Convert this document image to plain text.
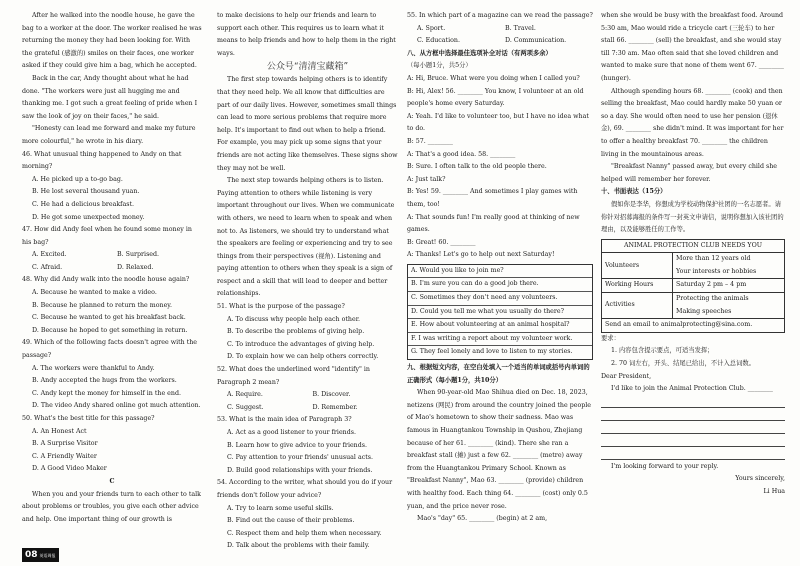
After he walked into the noodle house, he gave the bag to a worker at the door. The worker realised he was returning the money they had been looking for. With the grateful (感激的) smiles on their faces, one worker asked if they could give him a bag, which he accepted.

Back in the car, Andy thought about what he had done. "The workers were just all hugging me and thanking me. I got such a great feeling of pride when I saw the look of joy on their faces," he said.

"Honesty can lead me forward and make my future more colourful," he wrote in his diary.

46. What unusual thing happened to Andy on that morning?

A. He picked up a to-go bag.

B. He lost several thousand yuan.

C. He had a delicious breakfast.

D. He got some unexpected money.

47. How did Andy feel when he found some money in his bag?

A. Excited.	B. Surprised.

C. Afraid.	D. Relaxed.

48. Why did Andy walk into the noodle house again?

A. Because he wanted to make a video.

B. Because he planned to return the money.

C. Because he wanted to get his breakfast back.

D. Because he hoped to get something in return.

49. Which of the following facts doesn't agree with the passage?

A. The workers were thankful to Andy.

B. Andy accepted the hugs from the workers.

C. Andy kept the money for himself in the end.

D. The video Andy shared online got much attention.

50. What's the best title for this passage?

A. An Honest Act

B. A Surprise Visitor

C. A Friendly Waiter

D. A Good Video Maker

C

When you and your friends turn to each other to talk about problems or troubles, you give each other advice and help. One important thing of our growth is

to make decisions to help our friends and learn to support each other. This requires us to learn what it means to help friends and how to help them in the right ways.

公众号“清清宝藏箱”

The first step towards helping others is to identify that they need help. We all know that difficulties are part of our daily lives. However, sometimes small things can lead to more serious problems that require more help. It's important to find out when to help a friend. For example, you may pick up some signs that your friends are not acting like themselves. These signs show they may not be well.

The next step towards helping others is to listen. Paying attention to others while listening is very important throughout our lives. When we communicate with others, we need to learn when to speak and when not to. As listeners, we should try to understand what the speakers are feeling or experiencing and try to see things from their perspectives (视角). Listening and paying attention to others when they speak is a sign of respect and a skill that will lead to deeper and better relationships.

51. What is the purpose of the passage?

A. To discuss why people help each other.

B. To describe the problems of giving help.

C. To introduce the advantages of giving help.

D. To explain how we can help others correctly.

52. What does the underlined word "identify" in Paragraph 2 mean?

A. Require.	B. Discover.

C. Suggest.	D. Remember.

53. What is the main idea of Paragraph 3?

A. Act as a good listener to your friends.

B. Learn how to give advice to your friends.

C. Pay attention to your friends' unusual acts.

D. Build good relationships with your friends.

54. According to the writer, what should you do if your friends don't follow your advice?

A. Try to learn some useful skills.

B. Find out the cause of their problems.

C. Respect them and help them when necessary.

D. Talk about the problems with their family.

55. In which part of a magazine can we read the passage?

A. Sport.	B. Travel.

C. Education.	D. Communication.

八、从方框中选择最佳选项补全对话（有两项多余）

（每小题1分，共5分）

A: Hi, Bruce. What were you doing when I called you?

B: Hi, Alex! 56. ________ You know, I volunteer at an old people's home every Saturday.

A: Yeah. I'd like to volunteer too, but I have no idea what to do.

B: 57. ________

A: That's a good idea. 58. ________

B: Sure. I often talk to the old people there.

A: Just talk?

B: Yes! 59. ________ And sometimes I play games with them, too!

A: That sounds fun! I'm really good at thinking of new games.

B: Great! 60. ________

A: Thanks! Let's go to help out next Saturday!

A. Would you like to join me?
B. I'm sure you can do a good job there.
C. Sometimes they don't need any volunteers.
D. Could you tell me what you usually do there?
E. How about volunteering at an animal hospital?
F. I was writing a report about my volunteer work.
G. They feel lonely and love to listen to my stories.

九、根据短文内容，在空白处填入一个适当的单词或括号内单词的正确形式（每小题1分，共10分）

When 90-year-old Mao Shihua died on Dec. 18, 2023, netizens (网民) from around the country joined the people of Mao's hometown to show their sadness. Mao was famous in Huangtankou Township in Qushou, Zhejiang because of her 61. ________ (kind). There she ran a breakfast stall (摊) just a few 62. ________ (metre) away from the Huangtankou Primary School. Known as "Breakfast Nanny", Mao 63. ________ (provide) children with healthy food. Each thing 64. ________ (cost) only 0.5 yuan, and the price never rose.

Mao's "day" 65. ________ (begin) at 2 am,

when she would be busy with the breakfast food. Around 5:30 am, Mao would ride a tricycle cart (三轮车) to her stall 66. ________ (sell) the breakfast, and she would stay till 7:30 am. Mao often said that she loved children and wanted to make sure that none of them went 67. ________ (hunger).

Although spending hours 68. ________ (cook) and then selling the breakfast, Mao could hardly make 50 yuan or so a day. She would often need to use her pension (退休金), 69. ________ she didn't mind. It was important for her to offer a healthy breakfast 70. ________ the children living in the mountainous areas.

"Breakfast Nanny" passed away, but every child she helped will remember her forever.

十、书面表达（15分）

假如你是李华，你想成为学校动物保护社团的一名志愿者。请你针对招募海报的条件写一封英文申请信，说明你想加入该社团的理由，以及能够胜任的工作等。

ANIMAL PROTECTION CLUB NEEDS YOU	
Volunteers	More than 12 years old
Your interests or hobbies
Working Hours	Saturday 2 pm – 4 pm
Activities	Protecting the animals
Making speeches
Send an email to animalprotecting@sina.com.	

要求：

1. 内容包含提示要点，可适当发挥；

2. 70 词左右，开头、结尾已给出，不计入总词数。

Dear President,

I'd like to join the Animal Protection Club. ________

I'm looking forward to your reply.

Yours sincerely,

Li Hua

08 英语周报
